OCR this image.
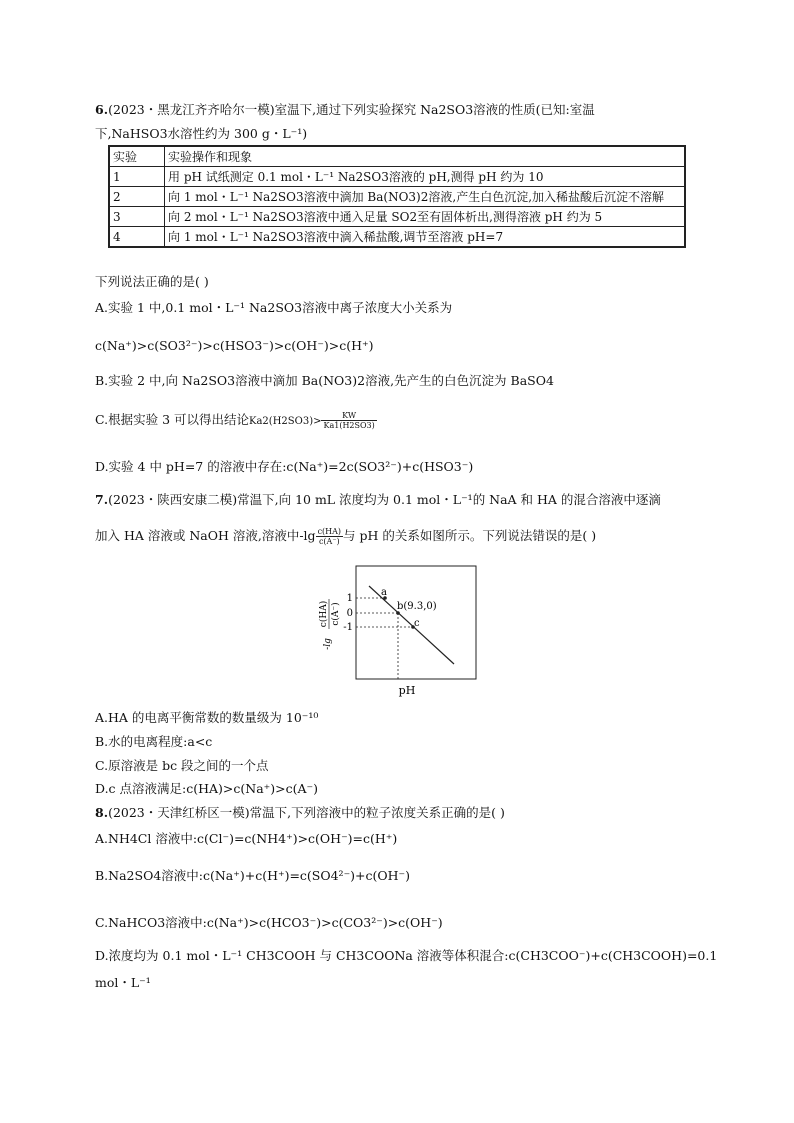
6.(2023・黑龙江齐齐哈尔一模)室温下,通过下列实验探究 Na2SO3溶液的性质(已知:室温
下,NaHSO3水溶性约为 300 g・L⁻¹)
实验	实验操作和现象
1	用 pH 试纸测定 0.1 mol・L⁻¹ Na2SO3溶液的 pH,测得 pH 约为 10
2	向 1 mol・L⁻¹ Na2SO3溶液中滴加 Ba(NO3)2溶液,产生白色沉淀,加入稀盐酸后沉淀不溶解
3	向 2 mol・L⁻¹ Na2SO3溶液中通入足量 SO2至有固体析出,测得溶液 pH 约为 5
4	向 1 mol・L⁻¹ Na2SO3溶液中滴入稀盐酸,调节至溶液 pH=7
下列说法正确的是( )
A.实验 1 中,0.1 mol・L⁻¹ Na2SO3溶液中离子浓度大小关系为
c(Na⁺)>c(SO3²⁻)>c(HSO3⁻)>c(OH⁻)>c(H⁺)
B.实验 2 中,向 Na2SO3溶液中滴加 Ba(NO3)2溶液,先产生的白色沉淀为 BaSO4
C.根据实验 3 可以得出结论$Ka2(H2SO3)> \frac{KW}{Ka1(H2SO3)}$
D.实验 4 中 pH=7 的溶液中存在:c(Na⁺)=2c(SO3²⁻)+c(HSO3⁻)
7.(2023・陕西安康二模)常温下,向 10 mL 浓度均为 0.1 mol・L⁻¹的 NaA 和 HA 的混合溶液中逐滴
加入 HA 溶液或 NaOH 溶液,溶液中$-\lg \frac{c(HA)}{c(A^-)}$ 与 pH 的关系如图所示。下列说法错误的是( )
a
b(9.3,0)
c
1
0
-1
pH
-lg
c(HA) c(A⁻)
A.HA 的电离平衡常数的数量级为 10⁻¹⁰
B.水的电离程度:a<c
C.原溶液是 bc 段之间的一个点
D.c 点溶液满足:c(HA)>c(Na⁺)>c(A⁻)
8.(2023・天津红桥区一模)常温下,下列溶液中的粒子浓度关系正确的是( )
A.NH4Cl 溶液中:c(Cl⁻)=c(NH4⁺)>c(OH⁻)=c(H⁺)
B.Na2SO4溶液中:c(Na⁺)+c(H⁺)=c(SO4²⁻)+c(OH⁻)
C.NaHCO3溶液中:c(Na⁺)>c(HCO3⁻)>c(CO3²⁻)>c(OH⁻)
D.浓度均为 0.1 mol・L⁻¹ CH3COOH 与 CH3COONa 溶液等体积混合:c(CH3COO⁻)+c(CH3COOH)=0.1
mol・L⁻¹
